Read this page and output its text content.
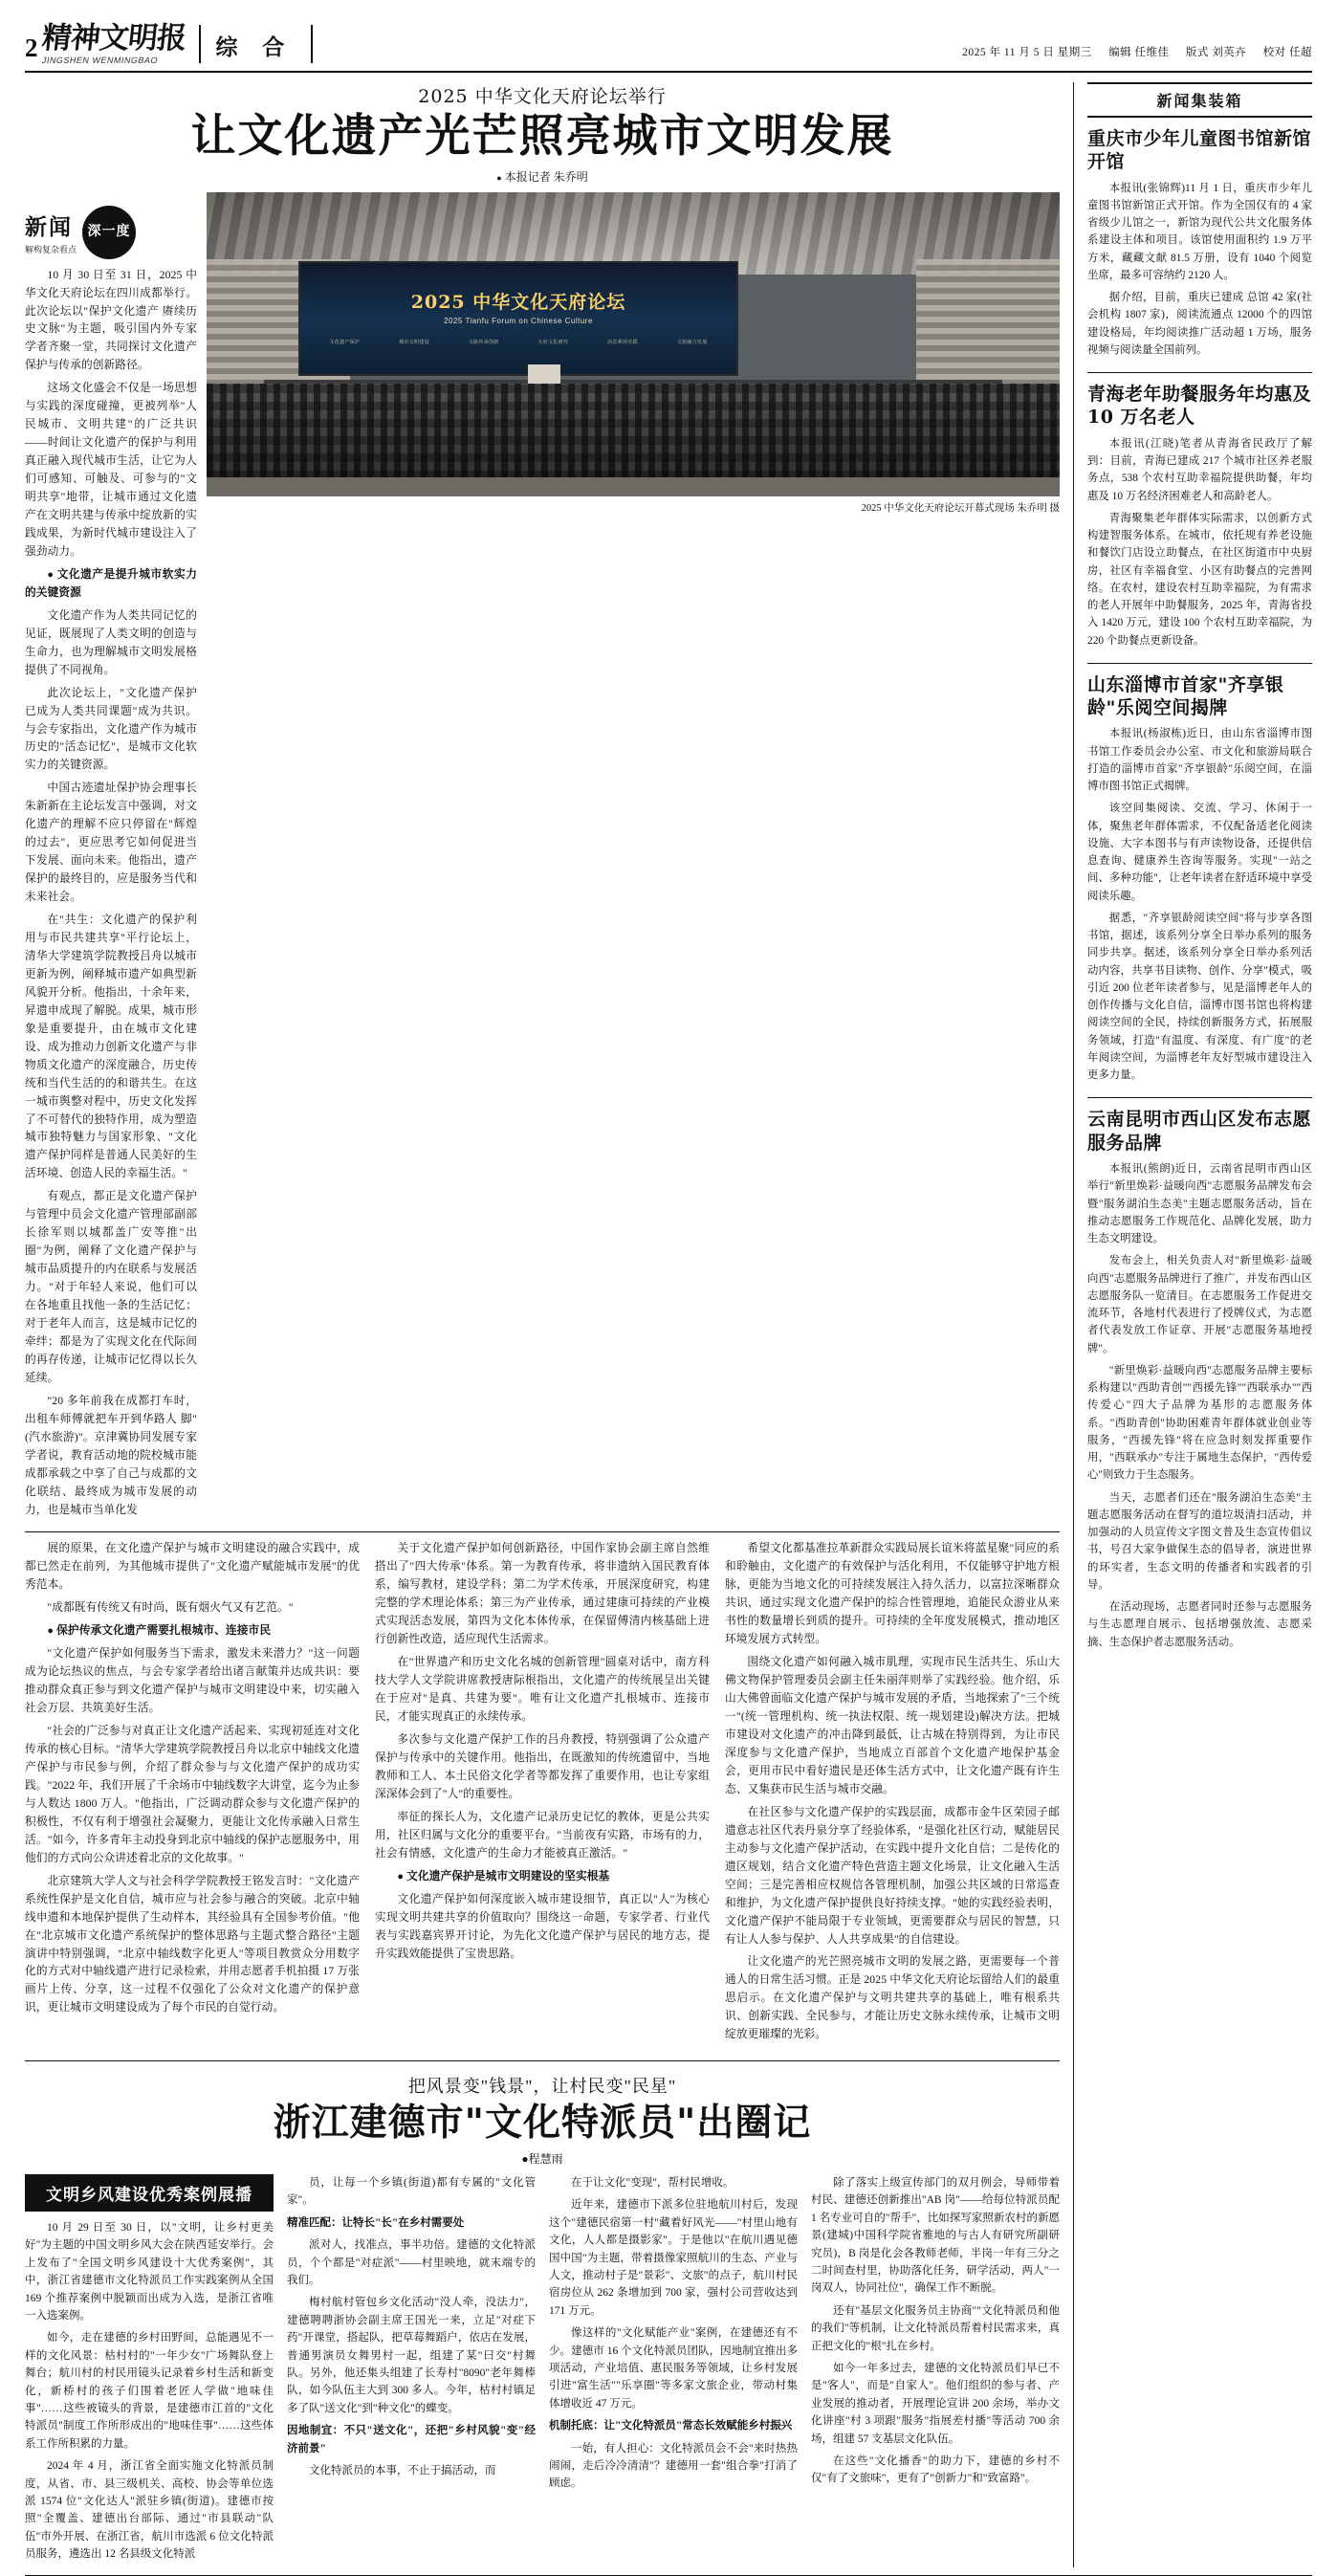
2 精神文明报
JINGSHEN WENMINGBAO
综 合	2025 年 11 月 5 日 星期三 编辑 任维佳 版式 刘英卉 校对 任超
2025 中华文化天府论坛举行
让文化遗产光芒照亮城市文明发展
● 本报记者 朱乔明
新闻
解构复杂看点
深一度

10 月 30 日至 31 日，2025 中华文化天府论坛在四川成都举行。此次论坛以"保护文化遗产 赓续历史文脉"为主题，吸引国内外专家学者齐聚一堂，共同探讨文化遗产保护与传承的创新路径。

这场文化盛会不仅是一场思想与实践的深度碰撞，更被列举"人民城市、文明共建"的广泛共识——时间让文化遗产的保护与利用真正融入现代城市生活，让它为人们可感知、可触及、可参与的"文明共享"地带，让城市通过文化遗产在文明共建与传承中绽放新的实践成果，为新时代城市建设注入了强劲动力。

● 文化遗产是提升城市软实力的关键资源

文化遗产作为人类共同记忆的见证，既展现了人类文明的创造与生命力，也为理解城市文明发展格提供了不同视角。

此次论坛上，"文化遗产保护已成为人类共同课题"成为共识。与会专家指出，文化遗产作为城市历史的"活态记忆"，是城市文化软实力的关键资源。

中国古迹遗址保护协会理事长朱新新在主论坛发言中强调，对文化遗产的理解不应只停留在"辉煌的过去"，更应思考它如何促进当下发展、面向未来。他指出，遗产保护的最终目的，应是服务当代和未来社会。

在"共生：文化遗产的保护利用与市民共建共享"平行论坛上，清华大学建筑学院教授吕舟以城市更新为例，阐释城市遗产如典型新风貌开分析。他指出，十余年来，昇遗申成现了解脱。成果，城市形象是重要提升，由在城市文化建设、成为推动力创新文化遗产与非物质文化遗产的深度融合，历史传统和当代生活的的和谐共生。在这一城市舆整对程中，历史文化发挥了不可替代的独特作用，成为塑造城市独特魅力与国家形象、"文化遗产保护同样是普通人民美好的生活环境、创造人民的幸福生活。"

有观点，都正是文化遗产保护与管理中员会文化遗产管理部副部长徐军则以城都盖广安等推"出圈"为例，阐释了文化遗产保护与城市品质提升的内在联系与发展活力。"对于年轻人来说，他们可以在各地重且找他一条的生活记忆；对于老年人而言，这是城市记忆的牵绊；都是为了实现文化在代际间的再存传递，让城市记忆得以长久延续。

"20 多年前我在成都打车时，出租车师傅就把车开到华路人 脚"(汽水旅游)"。京津冀协同发展专家学者说，教育活动地的院校城市能成都承载之中享了自己与成都的文化联结、最终成为城市发展的动力，也是城市当单化发

2025 中华文化天府论坛
2025 Tianfu Forum on Chinese Culture
文化遗产保护	城市文明建设	文脉传承创新	天府文化研究	活态利用实践	文旅融合发展
2025 中华文化天府论坛开幕式现场 朱乔明 摄

展的原果，在文化遗产保护与城市文明建设的融合实践中，成都已然走在前列，为其他城市提供了"文化遗产赋能城市发展"的优秀范本。

"成都既有传统又有时尚，既有烟火气又有艺范。"

● 保护传承文化遗产需要扎根城市、连接市民

"文化遗产保护如何服务当下需求，激发未来潜力？"这一问题成为论坛热议的焦点，与会专家学者给出诸言献策并达成共识：要推动群众真正参与到文化遗产保护与城市文明建设中来，切实融入社会万层、共筑美好生活。

"社会的广泛参与对真正让文化遗产活起来、实现初延连对文化传承的核心目标。"清华大学建筑学院教授吕舟以北京中轴线文化遗产保护与市民参与例，介绍了群众参与与文化遗产保护的成功实践。"2022 年，我们开展了千余场市中轴线数字大讲堂，迄今为止参与人数达 1800 万人。"他指出，广泛调动群众参与文化遗产保护的积极性，不仅有利于增强社会凝聚力，更能让文化传承融入日常生活。"如今，许多青年主动投身到北京中轴线的保护志愿服务中，用他们的方式向公众讲述着北京的文化故事。"

北京建筑大学人文与社会科学学院教授王铭发言时："文化遗产系统性保护是文化自信，城市应与社会参与融合的突破。北京中轴线申遗和本地保护提供了生动样本，其经验具有全国参考价值。"他在"北京城市文化遗产系统保护的整体思路与主题式整合路径"主题演讲中特别强调，"北京中轴线数字化更人"等项目教赏众分用数字化的方式对中轴线遗产进行记录检索，并用志愿者手机拍摄 17 万张画片上传、分享，这一过程不仅强化了公众对文化遗产的保护意识，更让城市文明建设成为了每个市民的自觉行动。

关于文化遗产保护如何创新路径，中国作家协会副主席自然维搭出了"四大传承"体系。第一为教育传承，将非遗纳入国民教育体系，编写教材，建设学科；第二为学术传承，开展深度研究，构建完整的学术理论体系；第三为产业传承，通过建康可持续的产业模式实现活态发展，第四为文化本体传承，在保留傅清内核基础上进行创新性改造，适应现代生活需求。

在"世界遗产和历史文化名城的创新管理"圆桌对话中，南方科技大学人文学院讲席教授唐际根指出，文化遗产的传统展呈出关键在于应对"是真、共建为要"。唯有让文化遗产扎根城市、连接市民，才能实现真正的永续传承。

多次参与文化遗产保护工作的吕舟教授，特别强调了公众遗产保护与传承中的关键作用。他指出，在既激知的传统遗留中，当地教师和工人、本土民俗文化学者等都发挥了重要作用，也让专家组深深体会到了"人"的重要性。

率征的探长人为，文化遗产记录历史记忆的教体，更是公共实用，社区归属与文化分的重要平台。"当前夜有实路，市场有的力，社会有情感，文化遗产的生命力才能被真正激活。"

● 文化遗产保护是城市文明建设的坚实根基

文化遗产保护如何深度嵌入城市建设细节，真正以"人"为核心实现文明共建共享的价值取向？围绕这一命题，专家学者、行业代表与实践嘉宾界开讨论，为先化文化遗产保护与居民的地方志，提升实践效能提供了宝贵思路。

希望文化都基准拉革新群众实践局展长谊米将蓝星聚"同应的系和聆触由，文化遗产的有效保护与活化利用，不仅能够守护地方根脉，更能为当地文化的可持续发展注入持久活力，以富拉深晰群众共识，通过实现文化遗产保护的综合性管理地，追能民众游业从来书性的数量增长到质的提升。可持续的全年度发展模式，推动地区环境发展方式转型。

围绕文化遗产如何融入城市肌理，实现市民生活共生、乐山大佛文物保护管理委员会副主任朱丽萍则举了实践经验。他介绍，乐山大佛曾面临文化遗产保护与城市发展的矛盾，当地探索了"三个统一"(统一管理机构、统一执法权限、统一规划建设)解决方法。把城市建设对文化遗产的冲击降到最低，让古城在特别得到，为让市民深度参与文化遗产保护，当地成立百部首个文化遗产地保护基金会，更用市民中看好遗民是还体生活方式中，让文化遗产既有许生态、又集获市民生活与城市交融。

在社区参与文化遗产保护的实践层面，成都市金牛区荣园子邮遗意志社区代表丹泉分享了经验体系，"是强化社区行动，赋能居民主动参与文化遗产保护活动，在实践中提升文化自信；二是传化的遗区规划，结合文化遗产特色营造主题文化场景，让文化融入生活空间；三是完善相应权规信各管理机制，加强公共区域的日常巡查和维护，为文化遗产保护提供良好持续支撑。"她的实践经验表明，文化遗产保护不能局限于专业领域，更需要群众与居民的智慧，只有让人人参与保护、人人共享成果"的自信建设。

让文化遗产的光芒照亮城市文明的发展之路，更需要每一个普通人的日常生活习惯。正是 2025 中华文化天府论坛留给人们的最重思启示。在文化遗产保护与文明共建共享的基础上，唯有根系共识、创新实践、全民参与，才能让历史文脉永续传承，让城市文明绽放更璀璨的光彩。

把风景变"钱景"，让村民变"民星"
浙江建德市"文化特派员"出圈记
●程慧雨
文明乡风建设优秀案例展播

10 月 29 日至 30 日，以"文明，让乡村更美好"为主题的中国文明乡风大会在陕西延安举行。会上发布了"全国文明乡风建设十大优秀案例"，其中，浙江省建德市文化特派员工作实践案例从全国 169 个推荐案例中脱颖而出成为入选，是浙江省唯一入选案例。

如今，走在建德的乡村田野间，总能遇见不一样的文化风景：枯村村的"一年少女"广场舞队登上舞台；航川村的村民用镜头记录着乡村生活和新变化，新桥村的孩子们围着老匠人学做"地味佳事"……这些被镜头的背景，是建德市江首的"文化特派员"制度工作所形成出的"地味佳事"……这些体系工作所积累的力量。

2024 年 4 月，浙江省全面实施文化特派员制度，从省、市、县三级机关、高校、协会等单位选派 1574 位"文化达人"派驻乡镇(街道)。建德市按照"全覆盖、建德出台部际、通过"市县联动"队伍"市外开展、在浙江省，航川市选派 6 位文化特派员服务，遴选出 12 名县级文化特派

员，让每一个乡镇(街道)都有专属的"文化管家"。

精准匹配：让特长"长"在乡村需要处

派对人，找准点，事半功倍。建德的文化特派员，个个都是"对症派"——村里映地，就末端专的我们。

梅村航村管包乡文化活动"没人牵，没法力"，建德聘聘浙协会副主席王国光一来，立足"对症下药"开课堂，搭起队，把草莓舞蹈户，依店在发展，普通男演员女舞男村一起，组建了某"曰交"村舞队。另外，他还集头组建了长寿村"8090"老年舞棒队，如今队伍主大到 300 多人。今年，枯村村镇足多了队"送文化"到"种文化"的蝶变。

因地制宜：不只"送文化"，还把"乡村风貌"变"经济前景"

文化特派员的本事，不止于搞活动，而

在于让文化"变现"，帮村民增收。

近年来，建德市下派多位驻地航川村后，发现这个"建德民宿第一村"藏着好风光——"村里山地有文化，人人都是摄影家"。于是他以"在航川遇见德国中国"为主题，带着摄像家照航川的生态、产业与人文，推动村子是"景彩"、文旅"的点子，航川村民宿房位从 262 条增加到 700 家，强村公司营收达到 171 万元。

像这样的"文化赋能产业"案例，在建德还有不少。建德市 16 个文化特派员团队，因地制宜推出多项活动，产业培值、惠民服务等领域，让乡村发展引进"富生活""乐享圈"等多家文旅企业，带动村集体增收近 47 万元。

机制托底：让"文化特派员"常态长效赋能乡村振兴

一始，有人担心：文化特派员会不会"来时热热闹闹，走后冷冷清清"？建德用一套"组合拳"打消了顾虑。

除了落实上级宣传部门的双月例会，导师带着村民、建德还创新推出"AB 岗"——给每位特派员配 1 名专业可自的"帮手"，比如探写家照新农村的新愿景(建城)中国科学院省雅地的与古人有研究所副研究员)，B 岗是化会各教师老师，半岗一年有三分之二时间查村里，协助落化任务，研学活动，两人"一岗双人，协同社位"，确保工作不断脱。

还有"基层文化服务员主协商""文化特派员和他的我们"等机制，让文化特派员帮着村民需求来，真正把文化的"根"扎在乡村。

如今一年多过去，建德的文化特派员们早已不是"客人"，而是"自家人"。他们组织的参与者、产业发展的推动者，开展理论宣讲 200 余场，举办文化讲座"村 3 项跟"服务"指展差村播"等活动 700 余场，组建 57 支基层文化队伍。

在这些"文化播香"的助力下，建德的乡村不仅"有了文旅味"，更有了"创新力"和"致富路"。

新闻集装箱
重庆市少年儿童图书馆新馆开馆

本报讯(张锦辉)11 月 1 日，重庆市少年儿童图书馆新馆正式开馆。作为全国仅有的 4 家省级少儿馆之一，新馆为现代公共文化服务体系建设主体和项目。该馆使用面积约 1.9 万平方米，藏藏文献 81.5 万册，设有 1040 个阅览坐席，最多可容纳约 2120 人。

据介绍，目前，重庆已建成 总馆 42 家(社会机构 1807 家)，阅读流通点 12000 个的四馆建设格局，年均阅读推广活动超 1 万场，服务视频与阅读量全国前列。

青海老年助餐服务年均惠及 10 万名老人

本报讯(江晓)笔者从青海省民政厅了解到：目前，青海已建成 217 个城市社区养老服务点，538 个农村互助幸福院提供助餐，年均惠及 10 万名经济困难老人和高龄老人。

青海聚集老年群体实际需求，以创新方式构建智服务体系。在城市，依托规有养老设施和餐饮门店设立助餐点，在社区街道市中央厨房，社区有幸福食堂、小区有助餐点的完善网络。在农村，建设农村互助幸福院，为有需求的老人开展年中助餐服务，2025 年，青海省投入 1420 万元，建设 100 个农村互助幸福院，为 220 个助餐点更新设备。

山东淄博市首家"齐享银龄"乐阅空间揭牌

本报讯(杨淑栋)近日，由山东省淄博市图书馆工作委员会办公室、市文化和旅游局联合打造的淄博市首家"齐享银龄"乐阅空间，在淄博市图书馆正式揭牌。

该空间集阅读、交流、学习、休闲于一体，聚焦老年群体需求，不仅配备适老化阅读设施、大字本图书与有声读物设备，还提供信息查询、健康养生咨询等服务。实现"一站之间、多种功能"，让老年读者在舒适环境中享受阅读乐趣。

据悉，"齐享银龄阅读空间"将与步享各图书馆，据述，该系列分享全日举办系列的服务同步共享。据述，该系列分享全日举办系列活动内容，共享书目读物、创作、分享"模式，吸引近 200 位老年读者参与，见是淄博老年人的创作传播与文化自信，淄博市图书馆也将构建阅读空间的全民，持续创新服务方式，拓展服务领域，打造"有温度、有深度、有广度"的老年阅读空间，为淄博老年友好型城市建设注入更多力量。

云南昆明市西山区发布志愿服务品牌

本报讯(熊朗)近日，云南省昆明市西山区举行"新里焕彩·益暖向西"志愿服务品牌发布会暨"服务湖泊生态美"主题志愿服务活动，旨在推动志愿服务工作规范化、品牌化发展，助力生态文明建设。

发布会上，相关负责人对"新里焕彩·益暖向西"志愿服务品牌进行了推广，并发布西山区志愿服务队一览清目。在志愿服务工作促进交流环节，各地村代表进行了授牌仪式，为志愿者代表发放工作证章、开展"志愿服务基地授牌"。

"新里焕彩·益暖向西"志愿服务品牌主要标系构建以"西助青创""西援先锋""西联承办""西传爱心"四大子品牌为基形的志愿服务体系。"西助青创"协助困难青年群体就业创业等服务，"西援先锋"将在应急时刻发挥重要作用，"西联承办"专注于属地生态保护，"西传爱心"则致力于生态服务。

当天，志愿者们还在"服务湖泊生态美"主题志愿服务活动在督写的道垃圾清扫活动，并加强动的人员宣传文字图文普及生态宣传倡议书，号召大家争做保生态的倡导者，演进世界的环实者，生态文明的传播者和实践者的引导。

在活动现场，志愿者同时还参与志愿服务与生志愿理自展示、包括增强放流、志愿采摘、生态保护者志愿服务活动。
